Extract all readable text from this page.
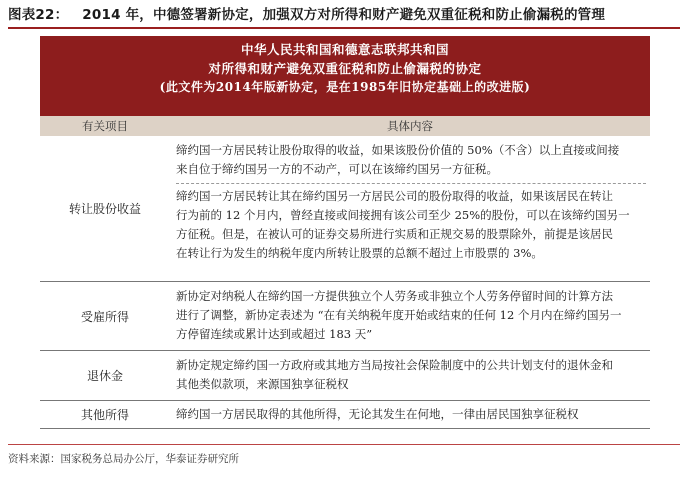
图表22： 2014 年，中德签署新协定，加强双方对所得和财产避免双重征税和防止偷漏税的管理
中华人民共和国和德意志联邦共和国
对所得和财产避免双重征税和防止偷漏税的协定
(此文件为2014年版新协定，是在1985年旧协定基础上的改进版)
有关项目	具体内容
转让股份收益
缔约国一方居民转让股份取得的收益，如果该股份价值的 50%（不含）以上直接或间接
来自位于缔约国另一方的不动产，可以在该缔约国另一方征税。
缔约国一方居民转让其在缔约国另一方居民公司的股份取得的收益，如果该居民在转让
行为前的 12 个月内，曾经直接或间接拥有该公司至少 25%的股份，可以在该缔约国另一
方征税。但是，在被认可的证券交易所进行实质和正规交易的股票除外，前提是该居民
在转让行为发生的纳税年度内所转让股票的总额不超过上市股票的 3%。
受雇所得
新协定对纳税人在缔约国一方提供独立个人劳务或非独立个人劳务停留时间的计算方法
进行了调整，新协定表述为 “在有关纳税年度开始或结束的任何 12 个月内在缔约国另一
方停留连续或累计达到或超过 183 天”
退休金
新协定规定缔约国一方政府或其地方当局按社会保险制度中的公共计划支付的退休金和
其他类似款项，来源国独享征税权
其他所得	缔约国一方居民取得的其他所得，无论其发生在何地，一律由居民国独享征税权
资料来源：国家税务总局办公厅，华泰证券研究所
